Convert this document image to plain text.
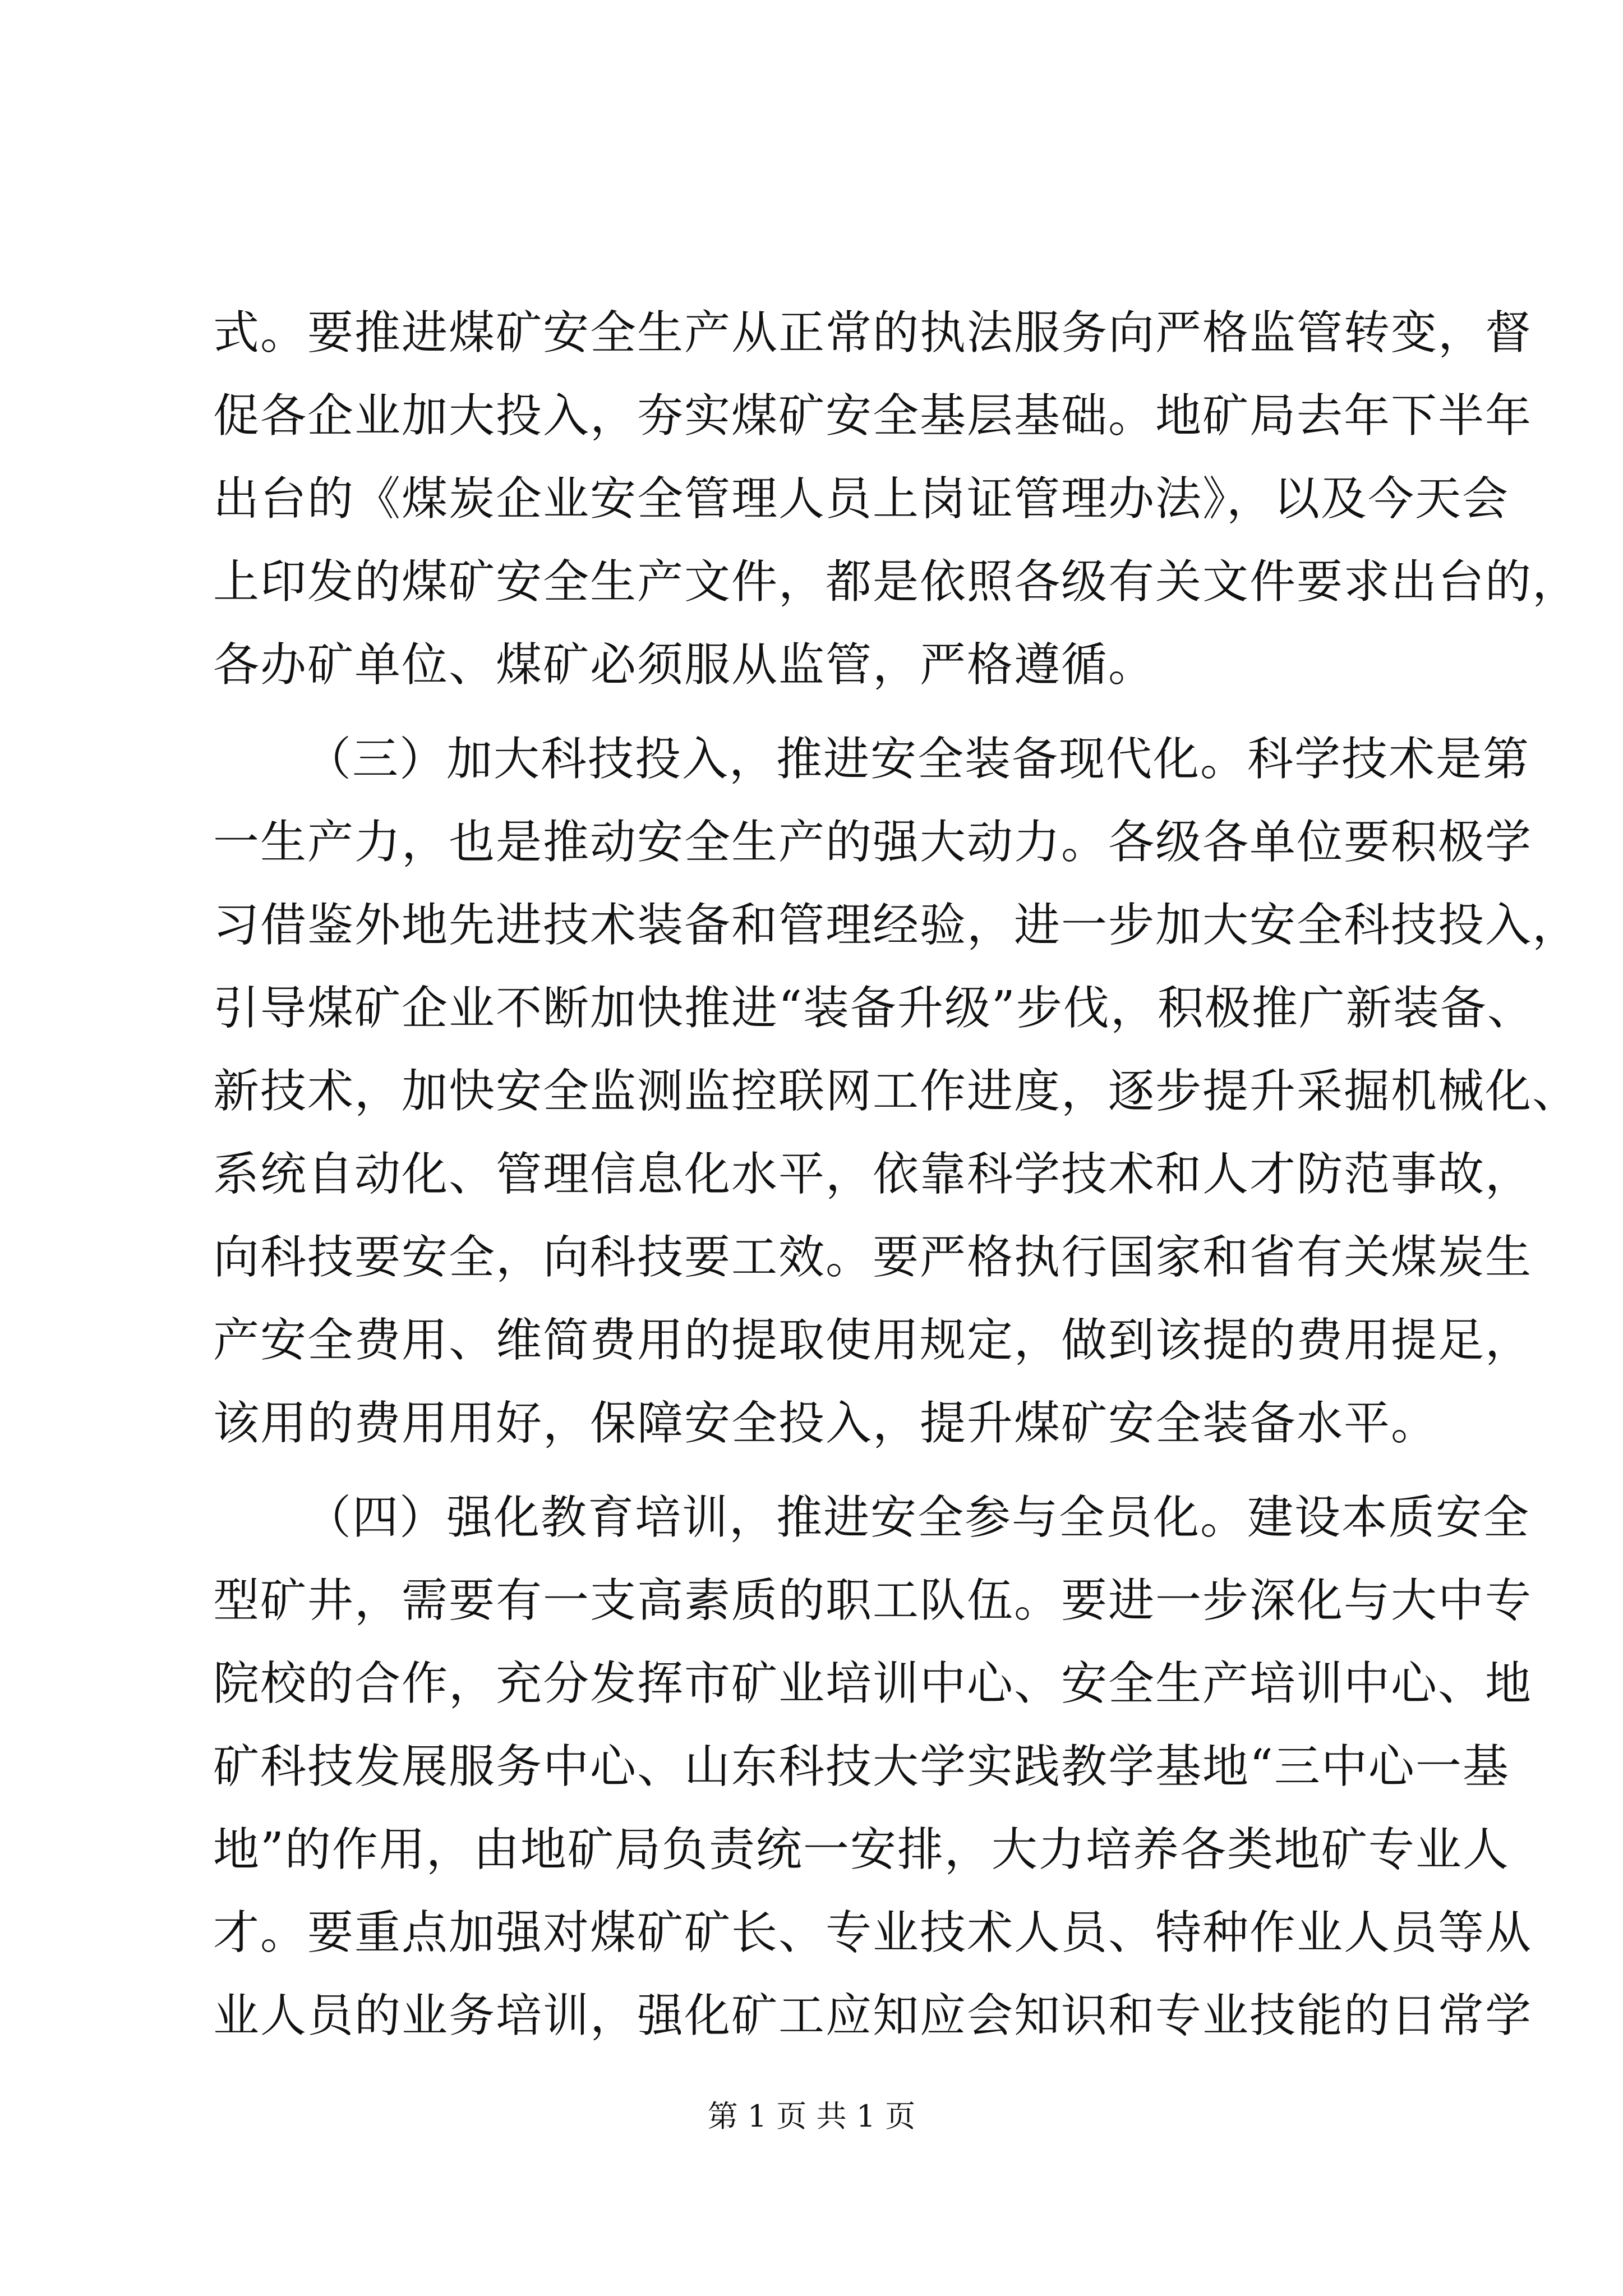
式。要推进煤矿安全生产从正常的执法服务向严格监管转变，督
促各企业加大投入，夯实煤矿安全基层基础。地矿局去年下半年
出台的《煤炭企业安全管理人员上岗证管理办法》，以及今天会
上印发的煤矿安全生产文件，都是依照各级有关文件要求出台的，
各办矿单位、煤矿必须服从监管，严格遵循。
（三）加大科技投入，推进安全装备现代化。科学技术是第
一生产力，也是推动安全生产的强大动力。各级各单位要积极学
习借鉴外地先进技术装备和管理经验，进一步加大安全科技投入，
引导煤矿企业不断加快推进“装备升级”步伐，积极推广新装备、
新技术，加快安全监测监控联网工作进度，逐步提升采掘机械化、
系统自动化、管理信息化水平，依靠科学技术和人才防范事故，
向科技要安全，向科技要工效。要严格执行国家和省有关煤炭生
产安全费用、维简费用的提取使用规定，做到该提的费用提足，
该用的费用用好，保障安全投入，提升煤矿安全装备水平。
（四）强化教育培训，推进安全参与全员化。建设本质安全
型矿井，需要有一支高素质的职工队伍。要进一步深化与大中专
院校的合作，充分发挥市矿业培训中心、安全生产培训中心、地
矿科技发展服务中心、山东科技大学实践教学基地“三中心一基
地”的作用，由地矿局负责统一安排，大力培养各类地矿专业人
才。要重点加强对煤矿矿长、专业技术人员、特种作业人员等从
业人员的业务培训，强化矿工应知应会知识和专业技能的日常学
第 1 页 共 1 页
